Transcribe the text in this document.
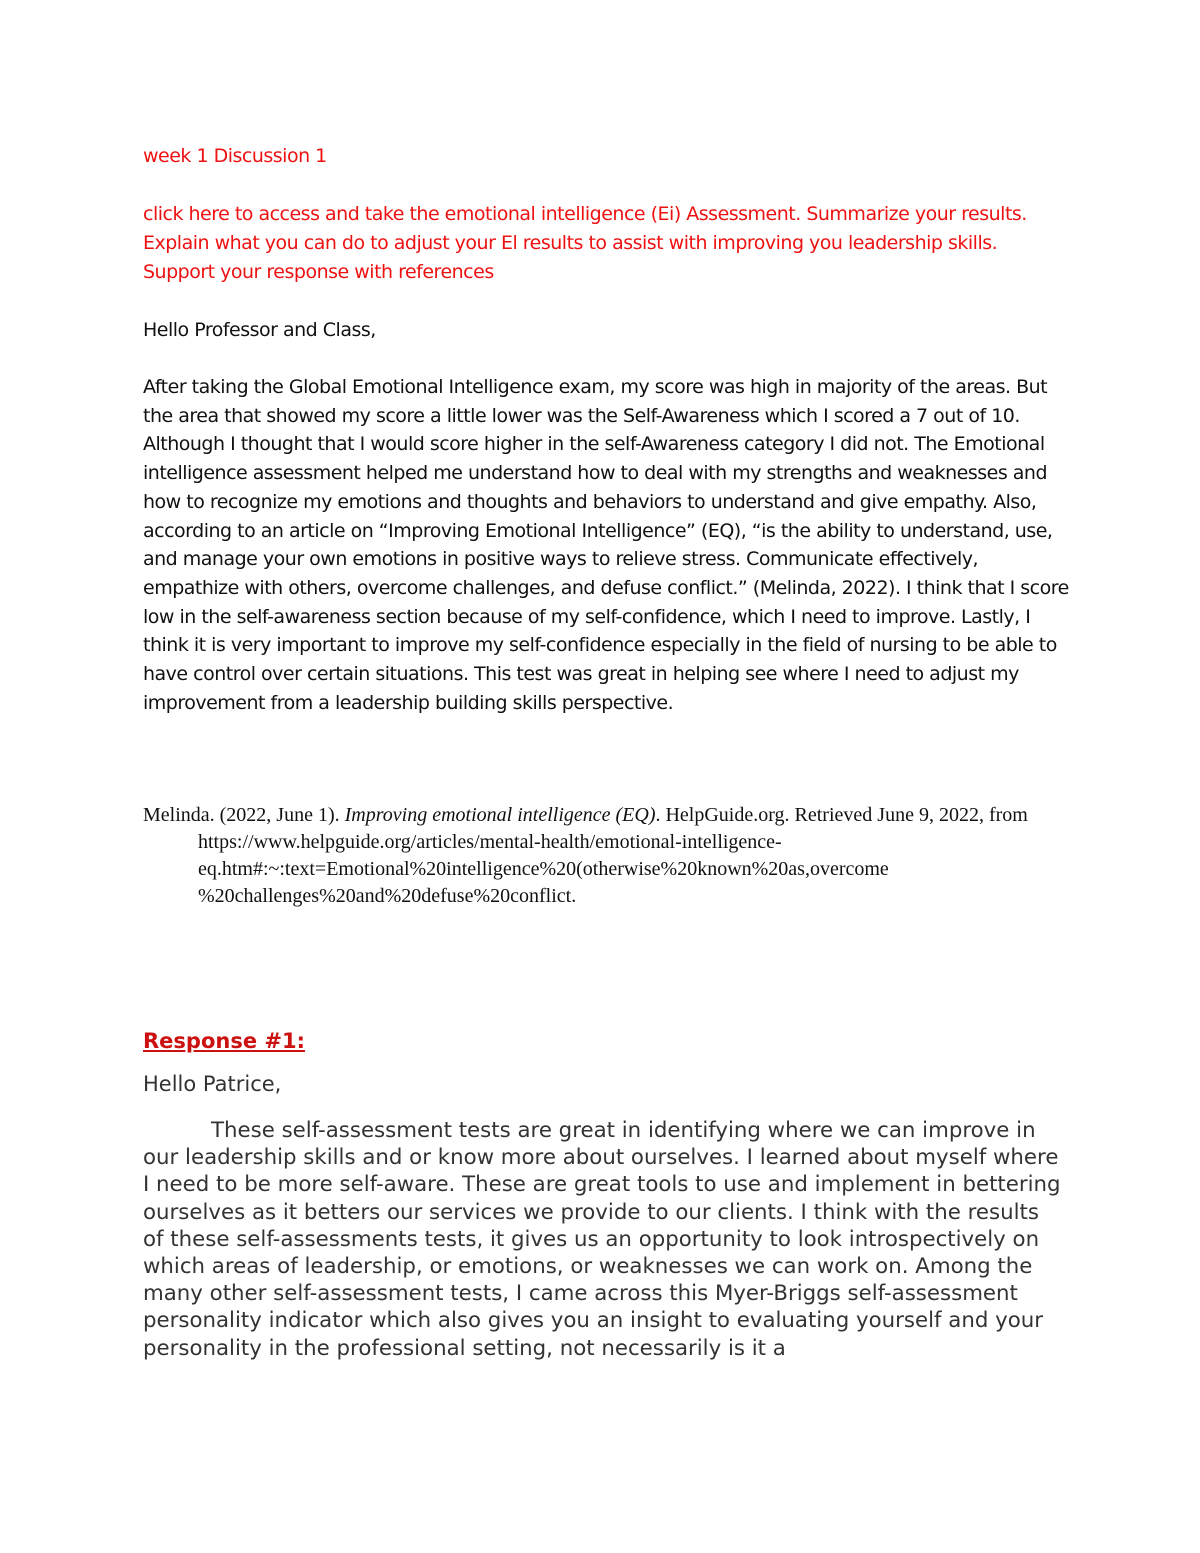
week 1 Discussion 1
click here to access and take the emotional intelligence (Ei) Assessment. Summarize your results. Explain what you can do to adjust your El results to assist with improving you leadership skills. Support your response with references
Hello Professor and Class,
After taking the Global Emotional Intelligence exam, my score was high in majority of the areas. But the area that showed my score a little lower was the Self-Awareness which I scored a 7 out of 10. Although I thought that I would score higher in the self-Awareness category I did not. The Emotional intelligence assessment helped me understand how to deal with my strengths and weaknesses and how to recognize my emotions and thoughts and behaviors to understand and give empathy. Also, according to an article on “Improving Emotional Intelligence” (EQ), “is the ability to understand, use, and manage your own emotions in positive ways to relieve stress. Communicate effectively, empathize with others, overcome challenges, and defuse conflict.” (Melinda, 2022). I think that I score low in the self-awareness section because of my self-confidence, which I need to improve. Lastly, I think it is very important to improve my self-confidence especially in the field of nursing to be able to have control over certain situations. This test was great in helping see where I need to adjust my improvement from a leadership building skills perspective.
Melinda. (2022, June 1). Improving emotional intelligence (EQ). HelpGuide.org. Retrieved June 9, 2022, from https://www.helpguide.org/articles/mental-health/emotional-intelligence-eq.htm#:~:text=Emotional%20intelligence%20(otherwise%20known%20as,overcome %20challenges%20and%20defuse%20conflict.
Response #1:
Hello Patrice,
These self-assessment tests are great in identifying where we can improve in our leadership skills and or know more about ourselves. I learned about myself where I need to be more self-aware. These are great tools to use and implement in bettering ourselves as it betters our services we provide to our clients. I think with the results of these self-assessments tests, it gives us an opportunity to look introspectively on which areas of leadership, or emotions, or weaknesses we can work on. Among the many other self-assessment tests, I came across this Myer-Briggs self-assessment personality indicator which also gives you an insight to evaluating yourself and your personality in the professional setting, not necessarily is it a
